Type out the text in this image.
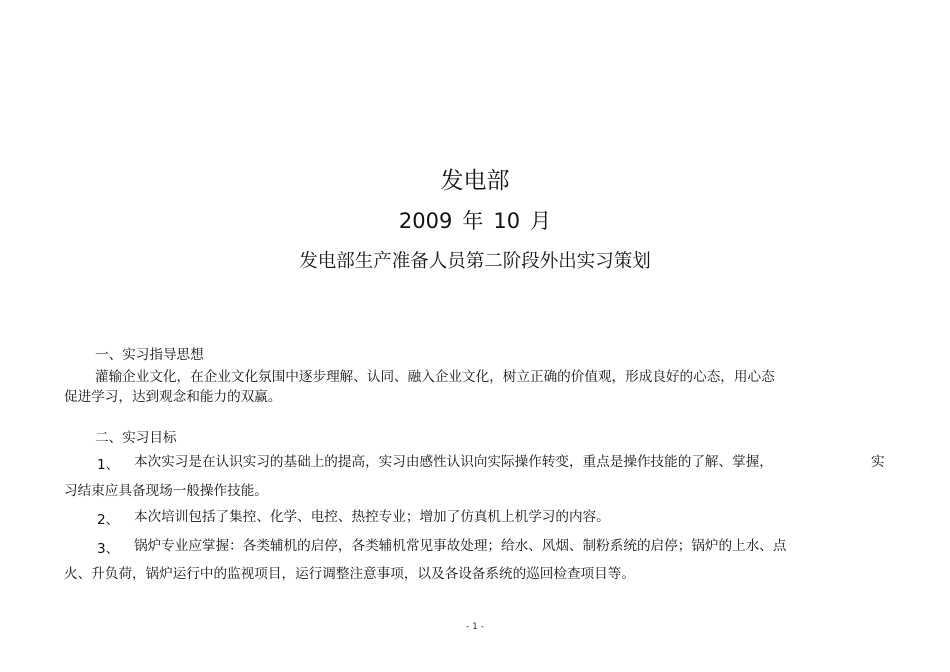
发电部
2009 年 10 月
发电部生产准备人员第二阶段外出实习策划
一、实习指导思想
灌输企业文化，在企业文化氛围中逐步理解、认同、融入企业文化，树立正确的价值观，形成良好的心态，用心态
促进学习，达到观念和能力的双赢。
二、实习目标
1、 本次实习是在认识实习的基础上的提高，实习由感性认识向实际操作转变，重点是操作技能的了解、掌握，	实
习结束应具备现场一般操作技能。
2、 本次培训包括了集控、化学、电控、热控专业；增加了仿真机上机学习的内容。
3、 锅炉专业应掌握：各类辅机的启停，各类辅机常见事故处理；给水、风烟、制粉系统的启停；锅炉的上水、点
火、升负荷，锅炉运行中的监视项目，运行调整注意事项，以及各设备系统的巡回检查项目等。
- 1 -
